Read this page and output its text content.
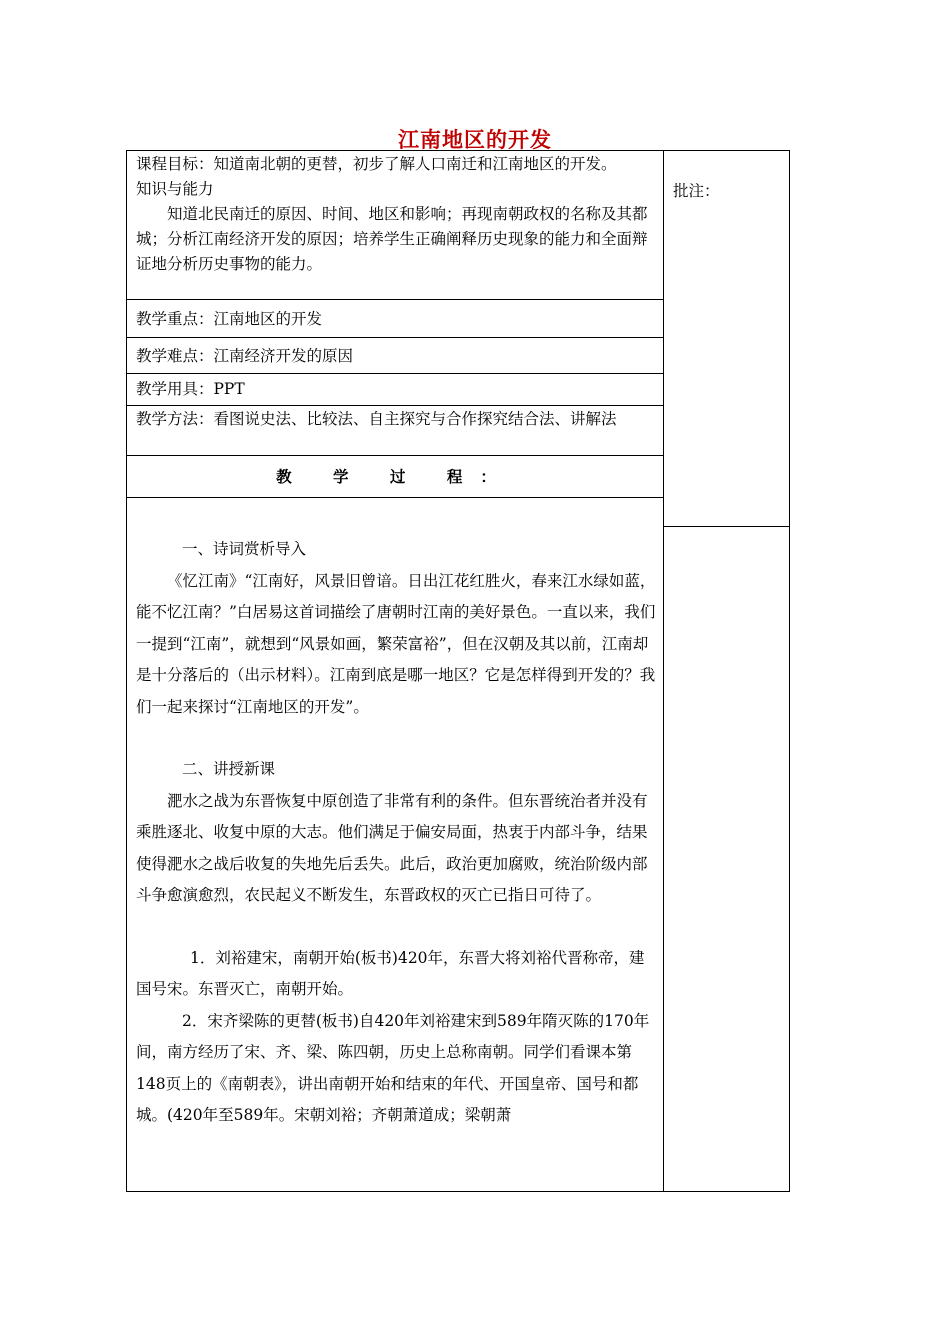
江南地区的开发

课程目标：知道南北朝的更替，初步了解人口南迁和江南地区的开发。

知识与能力

知道北民南迁的原因、时间、地区和影响；再现南朝政权的名称及其都城；分析江南经济开发的原因；培养学生正确阐释历史现象的能力和全面辩证地分析历史事物的能力。

教学重点：江南地区的开发

教学难点：江南经济开发的原因

教学用具：PPT

教学方法：看图说史法、比较法、自主探究与合作探究结合法、讲解法

教 学 过 程：

批注：

一、诗词赏析导入

《忆江南》“江南好，风景旧曾谙。日出江花红胜火，春来江水绿如蓝，能不忆江南？”白居易这首词描绘了唐朝时江南的美好景色。一直以来，我们一提到“江南”，就想到“风景如画，繁荣富裕”，但在汉朝及其以前，江南却是十分落后的（出示材料）。江南到底是哪一地区？它是怎样得到开发的？我们一起来探讨“江南地区的开发”。

二、讲授新课

淝水之战为东晋恢复中原创造了非常有利的条件。但东晋统治者并没有乘胜逐北、收复中原的大志。他们满足于偏安局面，热衷于内部斗争，结果使得淝水之战后收复的失地先后丢失。此后，政治更加腐败，统治阶级内部斗争愈演愈烈，农民起义不断发生，东晋政权的灭亡已指日可待了。

1．刘裕建宋，南朝开始(板书)420年，东晋大将刘裕代晋称帝，建国号宋。东晋灭亡，南朝开始。

2．宋齐梁陈的更替(板书)自420年刘裕建宋到589年隋灭陈的170年间，南方经历了宋、齐、梁、陈四朝，历史上总称南朝。同学们看课本第148页上的《南朝表》，讲出南朝开始和结束的年代、开国皇帝、国号和都城。(420年至589年。宋朝刘裕；齐朝萧道成；梁朝萧
